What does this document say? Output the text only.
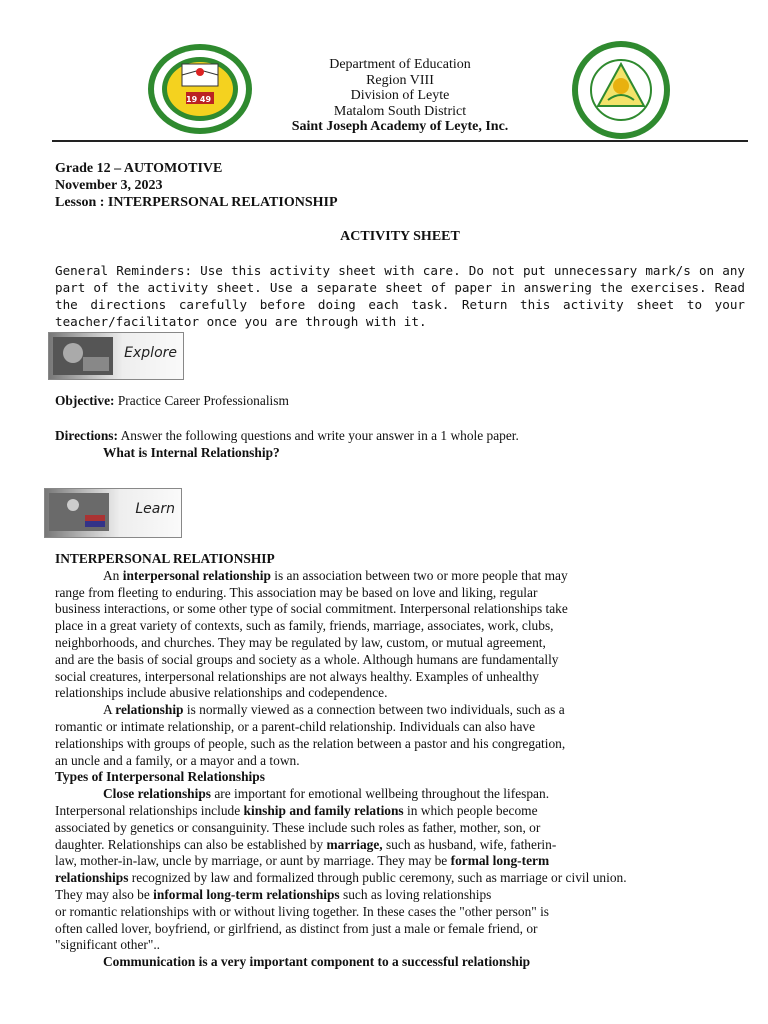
19 49
Department of Education
Region VIII
Division of Leyte
Matalom South District
Saint Joseph Academy of Leyte, Inc.
Grade 12 – AUTOMOTIVE
November 3, 2023
Lesson : INTERPERSONAL RELATIONSHIP
ACTIVITY SHEET
General Reminders: Use this activity sheet with care. Do not put unnecessary mark/s on any part of the activity sheet. Use a separate sheet of paper in answering the exercises. Read the directions carefully before doing each task. Return this activity sheet to your teacher/facilitator once you are through with it.
Explore
Objective: Practice Career Professionalism
Directions: Answer the following questions and write your answer in a 1 whole paper.
What is Internal Relationship?
Learn
INTERPERSONAL RELATIONSHIP
An interpersonal relationship is an association between two or more people that may
range from fleeting to enduring. This association may be based on love and liking, regular
business interactions, or some other type of social commitment. Interpersonal relationships take
place in a great variety of contexts, such as family, friends, marriage, associates, work, clubs,
neighborhoods, and churches. They may be regulated by law, custom, or mutual agreement,
and are the basis of social groups and society as a whole. Although humans are fundamentally
social creatures, interpersonal relationships are not always healthy. Examples of unhealthy
relationships include abusive relationships and codependence.
A relationship is normally viewed as a connection between two individuals, such as a
romantic or intimate relationship, or a parent-child relationship. Individuals can also have
relationships with groups of people, such as the relation between a pastor and his congregation,
an uncle and a family, or a mayor and a town.
Types of Interpersonal Relationships
Close relationships are important for emotional wellbeing throughout the lifespan.
Interpersonal relationships include kinship and family relations in which people become
associated by genetics or consanguinity. These include such roles as father, mother, son, or
daughter. Relationships can also be established by marriage, such as husband, wife, fatherin-
law, mother-in-law, uncle by marriage, or aunt by marriage. They may be formal long-term
relationships recognized by law and formalized through public ceremony, such as marriage or civil union.
They may also be informal long-term relationships such as loving relationships
or romantic relationships with or without living together. In these cases the "other person" is
often called lover, boyfriend, or girlfriend, as distinct from just a male or female friend, or
"significant other"..
Communication is a very important component to a successful relationship
